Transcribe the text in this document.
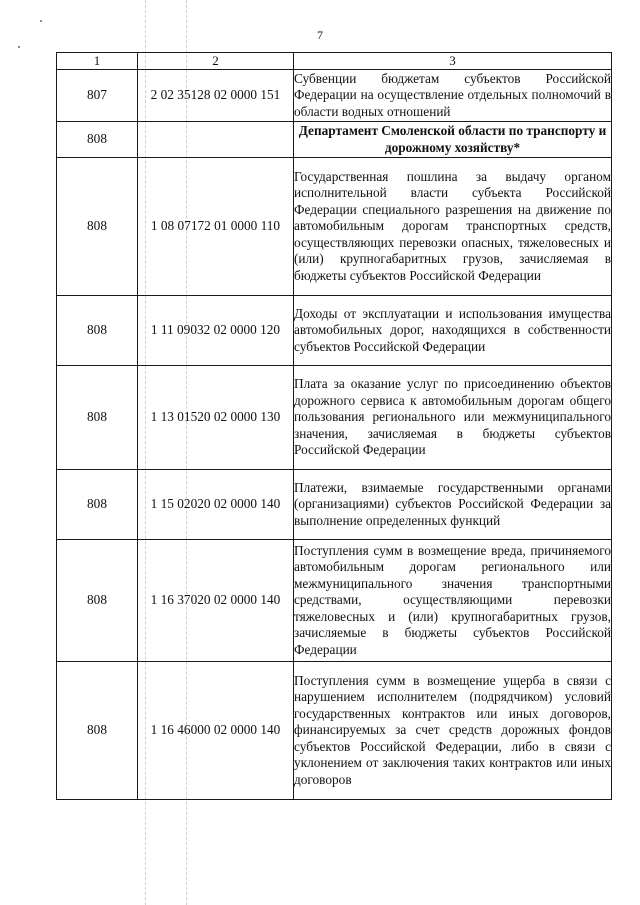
7
1	2	3
807	2 02 35128 02 0000 151	Субвенции бюджетам субъектов Российской Федерации на осуществление отдельных полномочий в области водных отношений
808		Департамент Смоленской области по транспорту и дорожному хозяйству*
808	1 08 07172 01 0000 110	Государственная пошлина за выдачу органом исполнительной власти субъекта Российской Федерации специального разрешения на движение по автомобильным дорогам транспортных средств, осуществляющих перевозки опасных, тяжеловесных и (или) крупногабаритных грузов, зачисляемая в бюджеты субъектов Российской Федерации
808	1 11 09032 02 0000 120	Доходы от эксплуатации и использования имущества автомобильных дорог, находящихся в собственности субъектов Российской Федерации
808	1 13 01520 02 0000 130	Плата за оказание услуг по присоединению объектов дорожного сервиса к автомобильным дорогам общего пользования регионального или межмуниципального значения, зачисляемая в бюджеты субъектов Российской Федерации
808	1 15 02020 02 0000 140	Платежи, взимаемые государственными органами (организациями) субъектов Российской Федерации за выполнение определенных функций
808	1 16 37020 02 0000 140	Поступления сумм в возмещение вреда, причиняемого автомобильным дорогам регионального или межмуниципального значения транспортными средствами, осуществляющими перевозки тяжеловесных и (или) крупногабаритных грузов, зачисляемые в бюджеты субъектов Российской Федерации
808	1 16 46000 02 0000 140	Поступления сумм в возмещение ущерба в связи с нарушением исполнителем (подрядчиком) условий государственных контрактов или иных договоров, финансируемых за счет средств дорожных фондов субъектов Российской Федерации, либо в связи с уклонением от заключения таких контрактов или иных договоров
